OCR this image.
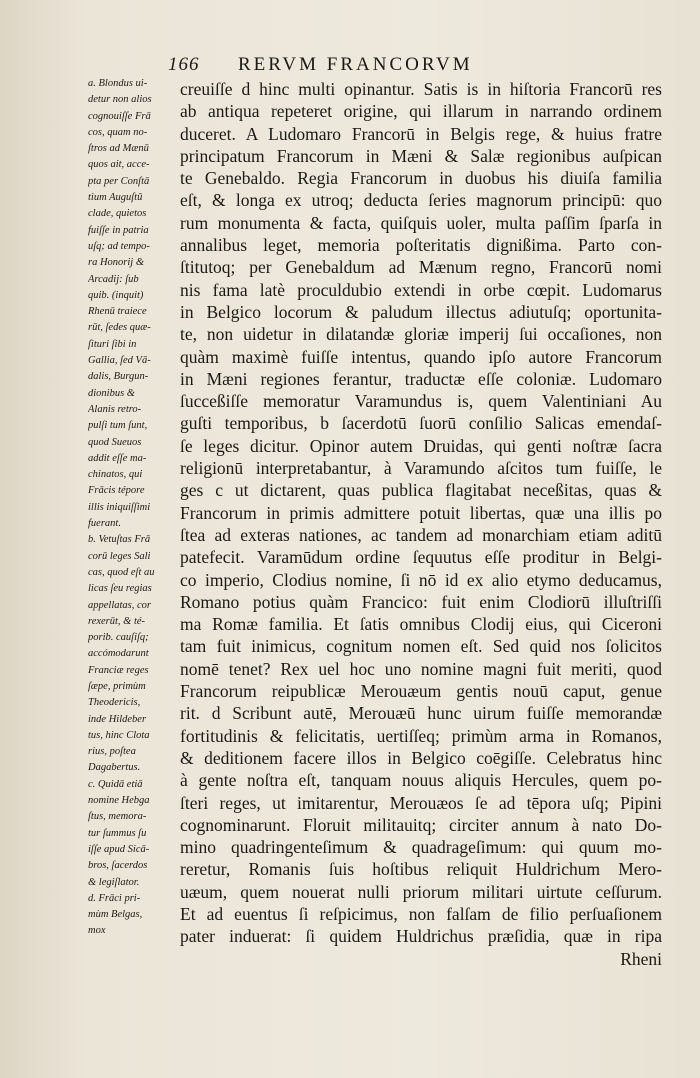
166 RERVM FRANCORVM
a. Blondus ui-
detur non alios
cognouiſſe Frā
cos, quam no-
ſtros ad Mænū
quos ait, acce-
pta per Conſtā
tium Auguſtū
clade, quietos
fuiſſe in patria
uſq; ad tempo-
ra Honorij &
Arcadij: ſub
quib. (inquit)
Rhenū traiece
rūt, ſedes quæ-
ſituri ſibi in
Gallia, ſed Vā-
dalis, Burgun-
dionibus &
Alanis retro-
pulſi tum ſunt,
quod Sueuos
addit eſſe ma-
chinatos, qui
Frācis tépore
illis iniquiſſimi
fuerant.
b. Vetuſtas Frā
corū leges Sali
cas, quod eſt au
licas ſeu regias
appellatas, cor
rexerūt, & té-
porib. cauſiſq;
accómodarunt
Franciæ reges
ſæpe, primùm
Theodericis,
inde Hildeber
tus, hinc Clota
rius, poſtea
Dagabertus.
c. Quidā etiā
nomine Hebga
ſtus, memora-
tur ſummus ſu
iſſe apud Sicā-
bros, ſacerdos
& legiſlator.
d. Frāci pri-
mùm Belgas,
mox
creuiſſe d hinc multi opinantur. Satis is in hiſtoria Francorū res
ab antiqua repeteret origine, qui illarum in narrando ordinem
duceret. A Ludomaro Francorū in Belgis rege, & huius fratre
principatum Francorum in Mæni & Salæ regionibus auſpican
te Genebaldo. Regia Francorum in duobus his diuiſa familia
eſt, & longa ex utroq; deducta ſeries magnorum principū: quo
rum monumenta & facta, quiſquis uoler, multa paſſim ſparſa in
annalibus leget, memoria poſteritatis dignißima. Parto con-
ſtitutoq; per Genebaldum ad Mænum regno, Francorū nomi
nis fama latè proculdubio extendi in orbe cœpit. Ludomarus
in Belgico locorum & paludum illectus adiutuſq; oportunita-
te, non uidetur in dilatandæ gloriæ imperij ſui occaſiones, non
quàm maximè fuiſſe intentus, quando ipſo autore Francorum
in Mæni regiones ferantur, traductæ eſſe coloniæ. Ludomaro
ſucceßiſſe memoratur Varamundus is, quem Valentiniani Au
guſti temporibus, b ſacerdotū ſuorū conſilio Salicas emendaſ-
ſe leges dicitur. Opinor autem Druidas, qui genti noſtræ ſacra
religionū interpretabantur, à Varamundo aſcitos tum fuiſſe, le
ges c ut dictarent, quas publica flagitabat neceßitas, quas &
Francorum in primis admittere potuit libertas, quæ una illis po
ſtea ad exteras nationes, ac tandem ad monarchiam etiam aditū
patefecit. Varamūdum ordine ſequutus eſſe proditur in Belgi-
co imperio, Clodius nomine, ſi nō id ex alio etymo deducamus,
Romano potius quàm Francico: fuit enim Clodiorū illuſtriſſi
ma Romæ familia. Et ſatis omnibus Clodij eius, qui Ciceroni
tam fuit inimicus, cognitum nomen eſt. Sed quid nos ſolicitos
nomē tenet? Rex uel hoc uno nomine magni fuit meriti, quod
Francorum reipublicæ Merouæum gentis nouū caput, genue
rit. d Scribunt autē, Merouæū hunc uirum fuiſſe memorandæ
fortitudinis & felicitatis, uertiſſeq; primùm arma in Romanos,
& deditionem facere illos in Belgico coēgiſſe. Celebratus hinc
à gente noſtra eſt, tanquam nouus aliquis Hercules, quem po-
ſteri reges, ut imitarentur, Merouæos ſe ad tēpora uſq; Pipini
cognominarunt. Floruit militauitq; circiter annum à nato Do-
mino quadringenteſimum & quadrageſimum: qui quum mo-
reretur, Romanis ſuis hoſtibus reliquit Huldrichum Mero-
uæum, quem nouerat nulli priorum militari uirtute ceſſurum.
Et ad euentus ſi reſpicimus, non falſam de filio perſuaſionem
pater induerat: ſi quidem Huldrichus præſidia, quæ in ripa
Rheni
